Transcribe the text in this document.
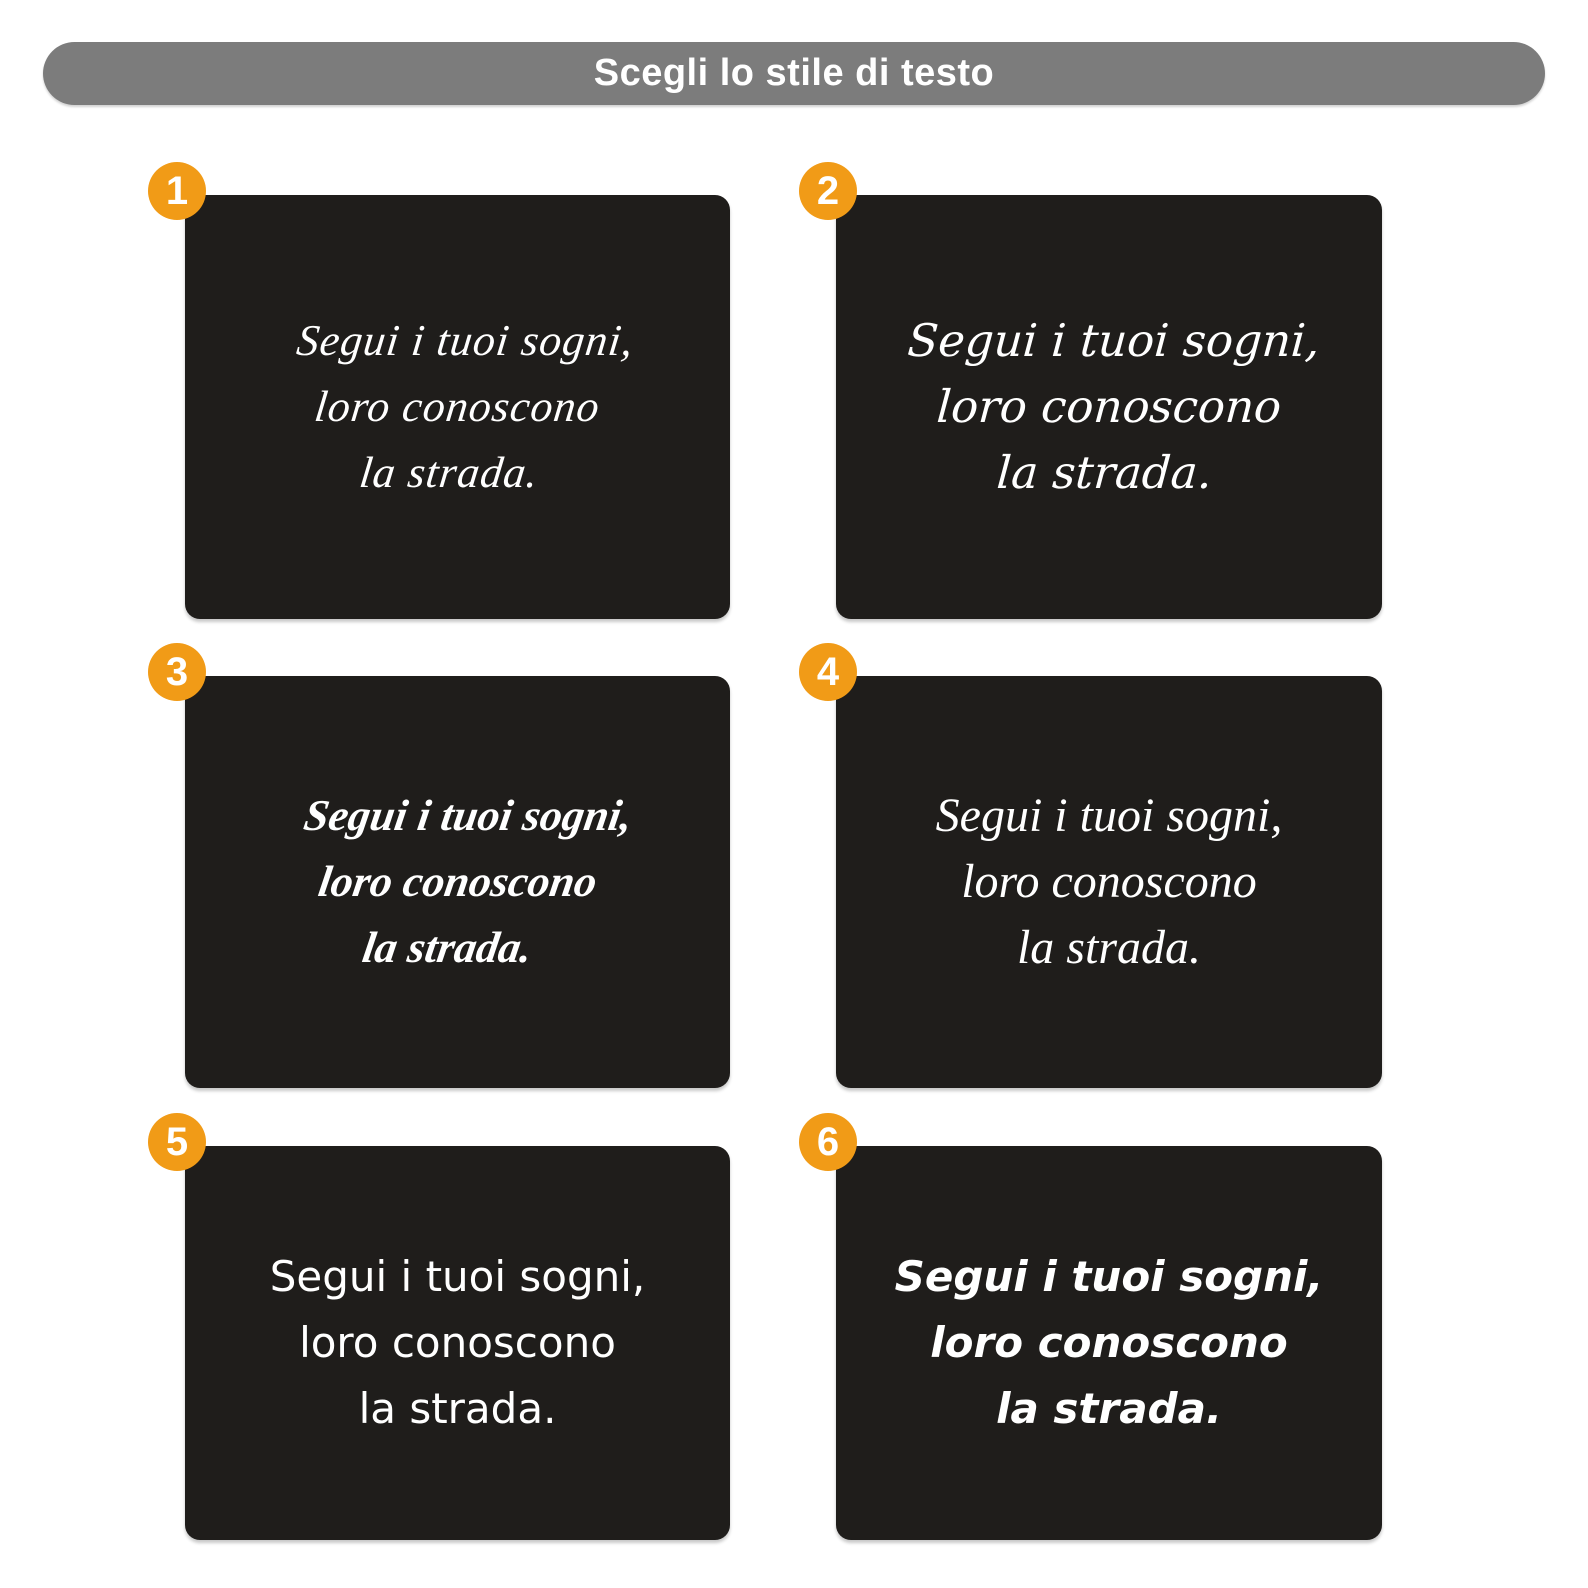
Scegli lo stile di testo
1
Segui i tuoi sogni,
loro conoscono
la strada.
2
Segui i tuoi sogni,
loro conoscono
la strada.
3
Segui i tuoi sogni,
loro conoscono
la strada.
4
Segui i tuoi sogni,
loro conoscono
la strada.
5
Segui i tuoi sogni,
loro conoscono
la strada.
6
Segui i tuoi sogni,
loro conoscono
la strada.
